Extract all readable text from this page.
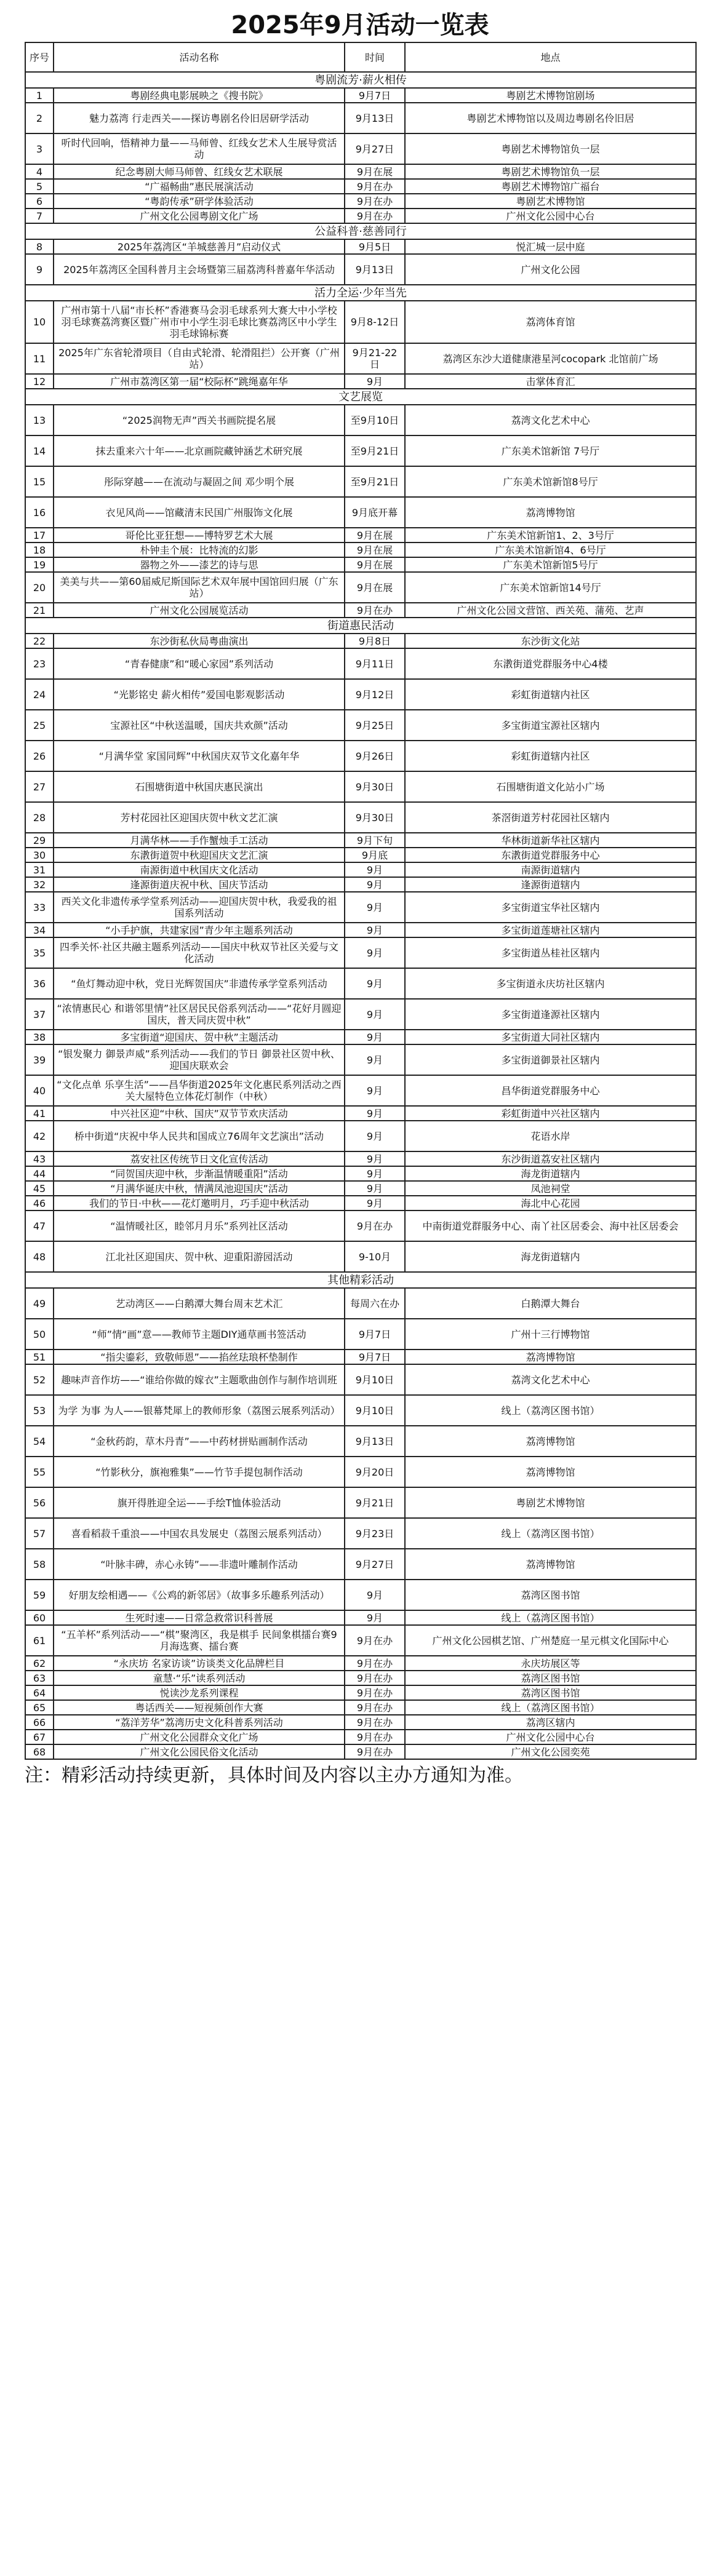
2025年9月活动一览表
序号	活动名称	时间	地点
粤剧流芳·薪火相传			
1	粤剧经典电影展映之《搜书院》	9月7日	粤剧艺术博物馆剧场
2	魅力荔湾 行走西关——探访粤剧名伶旧居研学活动	9月13日	粤剧艺术博物馆以及周边粤剧名伶旧居
3	听时代回响，悟精神力量——马师曾、红线女艺术人生展导赏活动	9月27日	粤剧艺术博物馆负一层
4	纪念粤剧大师马师曾、红线女艺术联展	9月在展	粤剧艺术博物馆负一层
5	“广福畅曲”惠民展演活动	9月在办	粤剧艺术博物馆广福台
6	“粤韵传承”研学体验活动	9月在办	粤剧艺术博物馆
7	广州文化公园粤剧文化广场	9月在办	广州文化公园中心台
公益科普·慈善同行			
8	2025年荔湾区“羊城慈善月”启动仪式	9月5日	悦汇城一层中庭
9	2025年荔湾区全国科普月主会场暨第三届荔湾科普嘉年华活动	9月13日	广州文化公园
活力全运·少年当先			
10	广州市第十八届“市长杯”香港赛马会羽毛球系列大赛大中小学校羽毛球赛荔湾赛区暨广州市中小学生羽毛球比赛荔湾区中小学生羽毛球锦标赛	9月8-12日	荔湾体育馆
11	2025年广东省轮滑项目（自由式轮滑、轮滑阻拦）公开赛（广州站）	9月21-22日	荔湾区东沙大道健康港星河cocopark 北馆前广场
12	广州市荔湾区第一届“校际杯”跳绳嘉年华	9月	击掌体育汇
文艺展览			
13	“2025润物无声”西关书画院提名展	至9月10日	荔湾文化艺术中心
14	抹去重来六十年——北京画院藏钟涵艺术研究展	至9月21日	广东美术馆新馆 7号厅
15	彤际穿越——在流动与凝固之间 邓少明个展	至9月21日	广东美术馆新馆8号厅
16	衣见风尚——馆藏清末民国广州服饰文化展	9月底开幕	荔湾博物馆
17	哥伦比亚狂想——博特罗艺术大展	9月在展	广东美术馆新馆1、2、3号厅
18	朴钟圭个展：比特流的幻影	9月在展	广东美术馆新馆4、6号厅
19	器物之外——漆艺的诗与思	9月在展	广东美术馆新馆5号厅
20	美美与共——第60届威尼斯国际艺术双年展中国馆回归展（广东站）	9月在展	广东美术馆新馆14号厅
21	广州文化公园展览活动	9月在办	广州文化公园文营馆、西关苑、蒲苑、艺声
街道惠民活动			
22	东沙街私伙局粤曲演出	9月8日	东沙街文化站
23	“青春健康”和“暖心家园”系列活动	9月11日	东漖街道党群服务中心4楼
24	“光影铭史 薪火相传”爱国电影观影活动	9月12日	彩虹街道辖内社区
25	宝源社区“中秋送温暖，国庆共欢颜”活动	9月25日	多宝街道宝源社区辖内
26	“月满华堂 家国同辉”中秋国庆双节文化嘉年华	9月26日	彩虹街道辖内社区
27	石围塘街道中秋国庆惠民演出	9月30日	石围塘街道文化站小广场
28	芳村花园社区迎国庆贺中秋文艺汇演	9月30日	茶滘街道芳村花园社区辖内
29	月满华林——手作蟹烛手工活动	9月下旬	华林街道新华社区辖内
30	东漖街道贺中秋迎国庆文艺汇演	9月底	东漖街道党群服务中心
31	南源街道中秋国庆文化活动	9月	南源街道辖内
32	逢源街道庆祝中秋、国庆节活动	9月	逢源街道辖内
33	西关文化非遗传承学堂系列活动——迎国庆贺中秋，我爱我的祖国系列活动	9月	多宝街道宝华社区辖内
34	“小手护旗，共建家园”青少年主题系列活动	9月	多宝街道莲塘社区辖内
35	四季关怀·社区共融主题系列活动——国庆中秋双节社区关爱与文化活动	9月	多宝街道丛桂社区辖内
36	“鱼灯舞动迎中秋，党日光辉贺国庆”非遗传承学堂系列活动	9月	多宝街道永庆坊社区辖内
37	“浓情惠民心 和谐邻里情”社区居民民俗系列活动——“花好月圆迎国庆，普天同庆贺中秋”	9月	多宝街道逢源社区辖内
38	多宝街道“迎国庆、贺中秋”主题活动	9月	多宝街道大同社区辖内
39	“银发聚力 御景声威”系列活动——我们的节日 御景社区贺中秋、迎国庆联欢会	9月	多宝街道御景社区辖内
40	“文化点单 乐享生活”——昌华街道2025年文化惠民系列活动之西关大屋特色立体花灯制作（中秋）	9月	昌华街道党群服务中心
41	中兴社区迎“中秋、国庆”双节节欢庆活动	9月	彩虹街道中兴社区辖内
42	桥中街道“庆祝中华人民共和国成立76周年文艺演出”活动	9月	花语水岸
43	荔安社区传统节日文化宣传活动	9月	东沙街道荔安社区辖内
44	“同贺国庆迎中秋，步渐温情暖重阳”活动	9月	海龙街道辖内
45	“月满华诞庆中秋，情满凤池迎国庆”活动	9月	凤池祠堂
46	我们的节日·中秋——花灯邀明月，巧手迎中秋活动	9月	海北中心花园
47	“温情暖社区，睦邻月月乐”系列社区活动	9月在办	中南街道党群服务中心、南丫社区居委会、海中社区居委会
48	江北社区迎国庆、贺中秋、迎重阳游园活动	9-10月	海龙街道辖内
其他精彩活动			
49	艺动湾区——白鹅潭大舞台周末艺术汇	每周六在办	白鹅潭大舞台
50	“师”情“画”意——教师节主题DIY通草画书签活动	9月7日	广州十三行博物馆
51	“指尖鎏彩，致敬师恩”——掐丝珐琅杯垫制作	9月7日	荔湾博物馆
52	趣味声音作坊——“谁给你做的嫁衣”主题歌曲创作与制作培训班	9月10日	荔湾文化艺术中心
53	为学 为事 为人——银幕梵犀上的教师形象（荔图云展系列活动）	9月10日	线上（荔湾区图书馆）
54	“金秋药韵，草木丹青”——中药材拼贴画制作活动	9月13日	荔湾博物馆
55	“竹影秋分，旗袍雅集”——竹节手提包制作活动	9月20日	荔湾博物馆
56	旗开得胜迎全运——手绘T恤体验活动	9月21日	粤剧艺术博物馆
57	喜看稻菽千重浪——中国农具发展史（荔图云展系列活动）	9月23日	线上（荔湾区图书馆）
58	“叶脉丰碑，赤心永铸”——非遗叶雕制作活动	9月27日	荔湾博物馆
59	好朋友绘相遇——《公鸡的新邻居》（故事多乐趣系列活动）	9月	荔湾区图书馆
60	生死时速——日常急救常识科普展	9月	线上（荔湾区图书馆）
61	“五羊杯”系列活动——“棋”聚湾区，我是棋手 民间象棋擂台赛9月海选赛、擂台赛	9月在办	广州文化公园棋艺馆、广州楚庭一星元棋文化国际中心
62	“永庆坊 名家访谈”访谈类文化品牌栏目	9月在办	永庆坊展区等
63	童慧·“乐”读系列活动	9月在办	荔湾区图书馆
64	悦读沙龙系列课程	9月在办	荔湾区图书馆
65	粤话西关——短视频创作大赛	9月在办	线上（荔湾区图书馆）
66	“荔洋芳华”荔湾历史文化科普系列活动	9月在办	荔湾区辖内
67	广州文化公园群众文化广场	9月在办	广州文化公园中心台
68	广州文化公园民俗文化活动	9月在办	广州文化公园奕苑
注：精彩活动持续更新，具体时间及内容以主办方通知为准。
